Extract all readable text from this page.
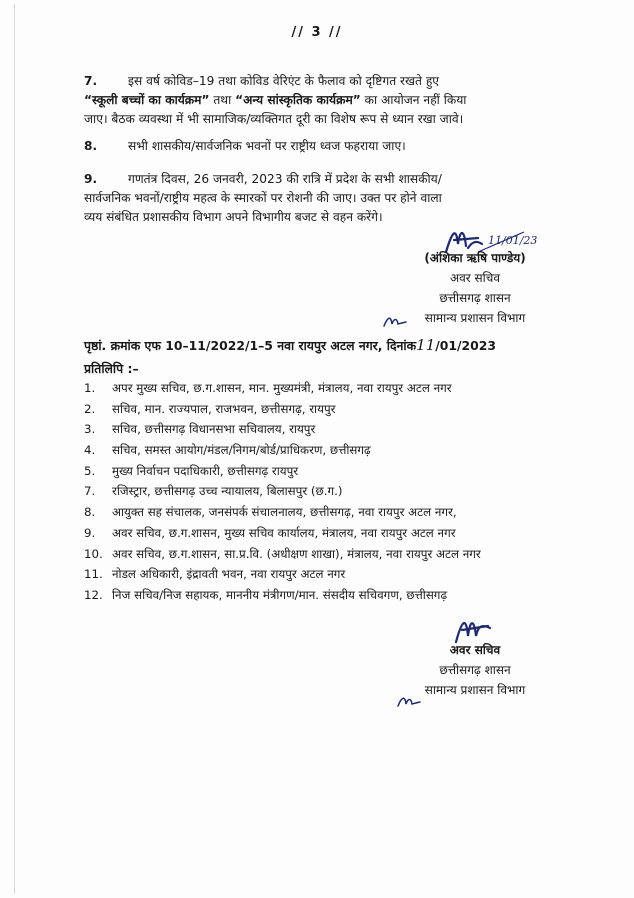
// 3 //
7.	इस वर्ष कोविड–19 तथा कोविड वेरिएंट के फैलाव को दृष्टिगत रखते हुए
“स्कूली बच्चों का कार्यक्रम” तथा “अन्य सांस्कृतिक कार्यक्रम” का आयोजन नहीं किया
जाए। बैठक व्यवस्था में भी सामाजिक/व्यक्तिगत दूरी का विशेष रूप से ध्यान रखा जावे।
8.	सभी शासकीय/सार्वजनिक भवनों पर राष्ट्रीय ध्वज फहराया जाए।
9.	गणतंत्र दिवस, 26 जनवरी, 2023 की रात्रि में प्रदेश के सभी शासकीय/
सार्वजनिक भवनों/राष्ट्रीय महत्व के स्मारकों पर रोशनी की जाए। उक्त पर होने वाला
व्यय संबंधित प्रशासकीय विभाग अपने विभागीय बजट से वहन करेंगे।
11/01/23
(अंशिका ऋषि पाण्डेय)
अवर सचिव
छत्तीसगढ़ शासन
सामान्य प्रशासन विभाग
पृष्ठां. क्रमांक एफ 10–11/2022/1–5 नवा रायपुर अटल नगर, दिनांक11/01/2023
प्रतिलिपि :–
1.	अपर मुख्य सचिव, छ.ग.शासन, मान. मुख्यमंत्री, मंत्रालय, नवा रायपुर अटल नगर
2.	सचिव, मान. राज्यपाल, राजभवन, छत्तीसगढ़, रायपुर
3.	सचिव, छत्तीसगढ़ विधानसभा सचिवालय, रायपुर
4.	सचिव, समस्त आयोग/मंडल/निगम/बोर्ड/प्राधिकरण, छत्तीसगढ़
5.	मुख्य निर्वाचन पदाधिकारी, छत्तीसगढ़ रायपुर
7.	रजिस्ट्रार, छत्तीसगढ़ उच्च न्यायालय, बिलासपुर (छ.ग.)
8.	आयुक्त सह संचालक, जनसंपर्क संचालनालय, छत्तीसगढ़, नवा रायपुर अटल नगर,
9.	अवर सचिव, छ.ग.शासन, मुख्य सचिव कार्यालय, मंत्रालय, नवा रायपुर अटल नगर
10. अवर सचिव, छ.ग.शासन, सा.प्र.वि. (अधीक्षण शाखा), मंत्रालय, नवा रायपुर अटल नगर
11. नोडल अधिकारी, इंद्रावती भवन, नवा रायपुर अटल नगर
12. निज सचिव/निज सहायक, माननीय मंत्रीगण/मान. संसदीय सचिवगण, छत्तीसगढ़
अवर सचिव
छत्तीसगढ़ शासन
सामान्य प्रशासन विभाग
